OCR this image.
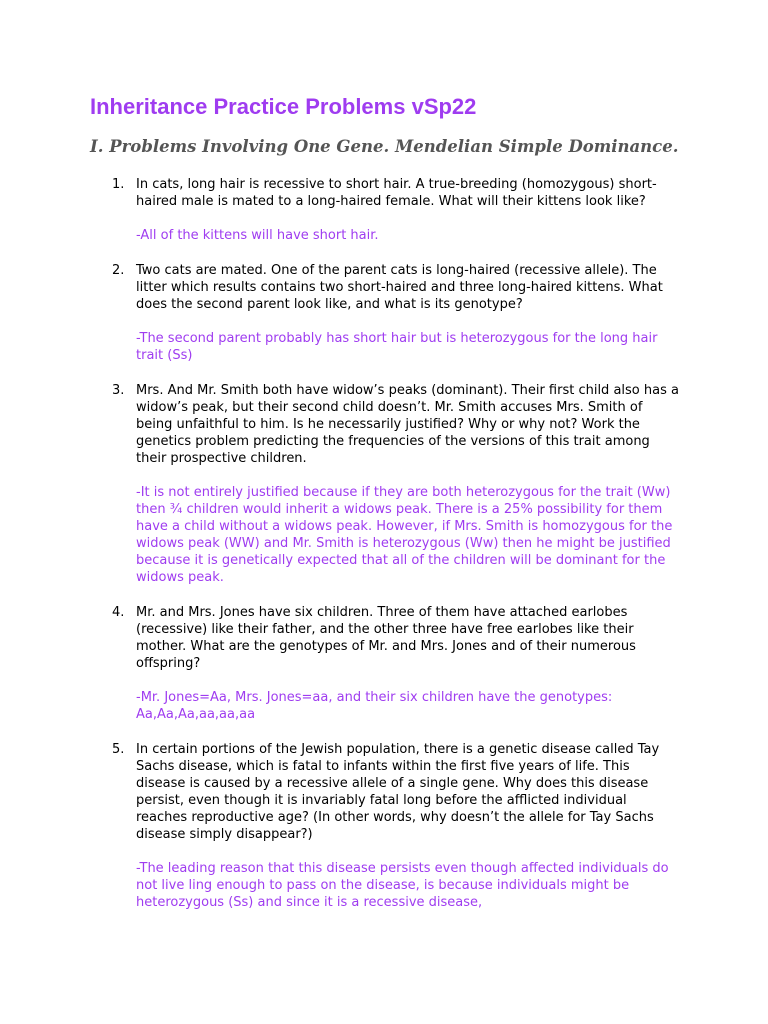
Inheritance Practice Problems vSp22
I. Problems Involving One Gene. Mendelian Simple Dominance.
1. In cats, long hair is recessive to short hair. A true-breeding (homozygous) short-haired male is mated to a long-haired female. What will their kittens look like?

-All of the kittens will have short hair.

2. Two cats are mated. One of the parent cats is long-haired (recessive allele). The litter which results contains two short-haired and three long-haired kittens. What does the second parent look like, and what is its genotype?

-The second parent probably has short hair but is heterozygous for the long hair trait (Ss)

3. Mrs. And Mr. Smith both have widow’s peaks (dominant). Their first child also has a widow’s peak, but their second child doesn’t. Mr. Smith accuses Mrs. Smith of being unfaithful to him. Is he necessarily justified? Why or why not? Work the genetics problem predicting the frequencies of the versions of this trait among their prospective children.

-It is not entirely justified because if they are both heterozygous for the trait (Ww) then ¾ children would inherit a widows peak. There is a 25% possibility for them have a child without a widows peak. However, if Mrs. Smith is homozygous for the widows peak (WW) and Mr. Smith is heterozygous (Ww) then he might be justified because it is genetically expected that all of the children will be dominant for the widows peak.

4. Mr. and Mrs. Jones have six children. Three of them have attached earlobes (recessive) like their father, and the other three have free earlobes like their mother. What are the genotypes of Mr. and Mrs. Jones and of their numerous offspring?

-Mr. Jones=Aa, Mrs. Jones=aa, and their six children have the genotypes: Aa,Aa,Aa,aa,aa,aa

5. In certain portions of the Jewish population, there is a genetic disease called Tay Sachs disease, which is fatal to infants within the first five years of life. This disease is caused by a recessive allele of a single gene. Why does this disease persist, even though it is invariably fatal long before the afflicted individual reaches reproductive age? (In other words, why doesn’t the allele for Tay Sachs disease simply disappear?)

-The leading reason that this disease persists even though affected individuals do not live ling enough to pass on the disease, is because individuals might be heterozygous (Ss) and since it is a recessive disease,
